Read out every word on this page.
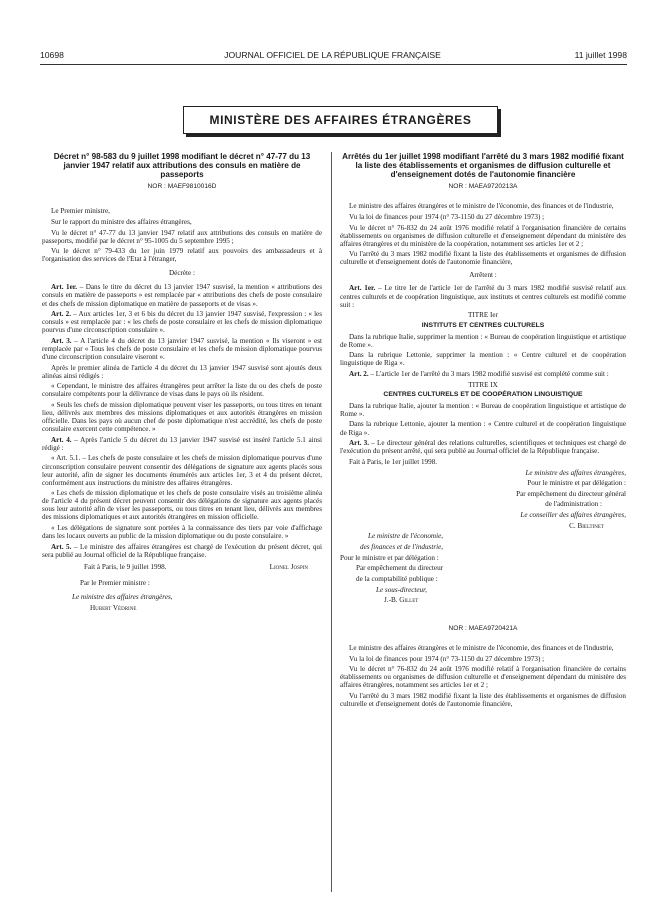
10698	JOURNAL OFFICIEL DE LA RÉPUBLIQUE FRANÇAISE	11 juillet 1998
MINISTÈRE DES AFFAIRES ÉTRANGÈRES
Décret n° 98-583 du 9 juillet 1998 modifiant le décret n° 47-77 du 13 janvier 1947 relatif aux attributions des consuls en matière de passeports
NOR : MAEF9810016D

Le Premier ministre,

Sur le rapport du ministre des affaires étrangères,

Vu le décret n° 47-77 du 13 janvier 1947 relatif aux attributions des consuls en matière de passeports, modifié par le décret n° 95-1005 du 5 septembre 1995 ;

Vu le décret n° 79-433 du 1er juin 1979 relatif aux pouvoirs des ambassadeurs et à l'organisation des services de l'Etat à l'étranger,

Décrète :

Art. 1er. – Dans le titre du décret du 13 janvier 1947 susvisé, la mention « attributions des consuls en matière de passeports » est remplacée par « attributions des chefs de poste consulaire et des chefs de mission diplomatique en matière de passeports et de visas ».

Art. 2. – Aux articles 1er, 3 et 6 bis du décret du 13 janvier 1947 susvisé, l'expression : « les consuls » est remplacée par : « les chefs de poste consulaire et les chefs de mission diplomatique pourvus d'une circonscription consulaire ».

Art. 3. – A l'article 4 du décret du 13 janvier 1947 susvisé, la mention « Ils viseront » est remplacée par « Tous les chefs de poste consulaire et les chefs de mission diplomatique pourvus d'une circonscription consulaire viseront ».

Après le premier alinéa de l'article 4 du décret du 13 janvier 1947 susvisé sont ajoutés deux alinéas ainsi rédigés :

« Cependant, le ministre des affaires étrangères peut arrêter la liste du ou des chefs de poste consulaire compétents pour la délivrance de visas dans le pays où ils résident.

« Seuls les chefs de mission diplomatique peuvent viser les passeports, ou tous titres en tenant lieu, délivrés aux membres des missions diplomatiques et aux autorités étrangères en mission officielle. Dans les pays où aucun chef de poste diplomatique n'est accrédité, les chefs de poste consulaire exercent cette compétence. »

Art. 4. – Après l'article 5 du décret du 13 janvier 1947 susvisé est inséré l'article 5.1 ainsi rédigé :

« Art. 5.1. – Les chefs de poste consulaire et les chefs de mission diplomatique pourvus d'une circonscription consulaire peuvent consentir des délégations de signature aux agents placés sous leur autorité, afin de signer les documents énumérés aux articles 1er, 3 et 4 du présent décret, conformément aux instructions du ministre des affaires étrangères.

« Les chefs de mission diplomatique et les chefs de poste consulaire visés au troisième alinéa de l'article 4 du présent décret peuvent consentir des délégations de signature aux agents placés sous leur autorité afin de viser les passeports, ou tous titres en tenant lieu, délivrés aux membres des missions diplomatiques et aux autorités étrangères en mission officielle.

« Les délégations de signature sont portées à la connaissance des tiers par voie d'affichage dans les locaux ouverts au public de la mission diplomatique ou du poste consulaire. »

Art. 5. – Le ministre des affaires étrangères est chargé de l'exécution du présent décret, qui sera publié au Journal officiel de la République française.

Fait à Paris, le 9 juillet 1998.	Lionel Jospin

Par le Premier ministre :

Le ministre des affaires étrangères,

Hubert Védrine

Arrêtés du 1er juillet 1998 modifiant l'arrêté du 3 mars 1982 modifié fixant la liste des établissements et organismes de diffusion culturelle et d'enseignement dotés de l'autonomie financière
NOR : MAEA9720213A

Le ministre des affaires étrangères et le ministre de l'économie, des finances et de l'industrie,

Vu la loi de finances pour 1974 (n° 73-1150 du 27 décembre 1973) ;

Vu le décret n° 76-832 du 24 août 1976 modifié relatif à l'organisation financière de certains établissements ou organismes de diffusion culturelle et d'enseignement dépendant du ministère des affaires étrangères et du ministère de la coopération, notamment ses articles 1er et 2 ;

Vu l'arrêté du 3 mars 1982 modifié fixant la liste des établissements et organismes de diffusion culturelle et d'enseignement dotés de l'autonomie financière,

Arrêtent :

Art. 1er. – Le titre Ier de l'article 1er de l'arrêté du 3 mars 1982 modifié susvisé relatif aux centres culturels et de coopération linguistique, aux instituts et centres culturels est modifié comme suit :

TITRE Ier

INSTITUTS ET CENTRES CULTURELS

Dans la rubrique Italie, supprimer la mention : « Bureau de coopération linguistique et artistique de Rome ».

Dans la rubrique Lettonie, supprimer la mention : « Centre culturel et de coopération linguistique de Riga ».

Art. 2. – L'article 1er de l'arrêté du 3 mars 1982 modifié susvisé est complété comme suit :

TITRE IX

CENTRES CULTURELS ET DE COOPÉRATION LINGUISTIQUE

Dans la rubrique Italie, ajouter la mention : « Bureau de coopération linguistique et artistique de Rome ».

Dans la rubrique Lettonie, ajouter la mention : « Centre culturel et de coopération linguistique de Riga ».

Art. 3. – Le directeur général des relations culturelles, scientifiques et techniques est chargé de l'exécution du présent arrêté, qui sera publié au Journal officiel de la République française.

Fait à Paris, le 1er juillet 1998.

Le ministre des affaires étrangères,

Pour le ministre et par délégation :

Par empêchement du directeur général

de l'administration :

Le conseiller des affaires étrangères,

C. Bieltinet

Le ministre de l'économie,

des finances et de l'industrie,

Pour le ministre et par délégation :

Par empêchement du directeur

de la comptabilité publique :

Le sous-directeur,

J.-B. Gillet

NOR : MAEA9720421A

Le ministre des affaires étrangères et le ministre de l'économie, des finances et de l'industrie,

Vu la loi de finances pour 1974 (n° 73-1150 du 27 décembre 1973) ;

Vu le décret n° 76-832 du 24 août 1976 modifié relatif à l'organisation financière de certains établissements ou organismes de diffusion culturelle et d'enseignement dépendant du ministère des affaires étrangères, notamment ses articles 1er et 2 ;

Vu l'arrêté du 3 mars 1982 modifié fixant la liste des établissements et organismes de diffusion culturelle et d'enseignement dotés de l'autonomie financière,
